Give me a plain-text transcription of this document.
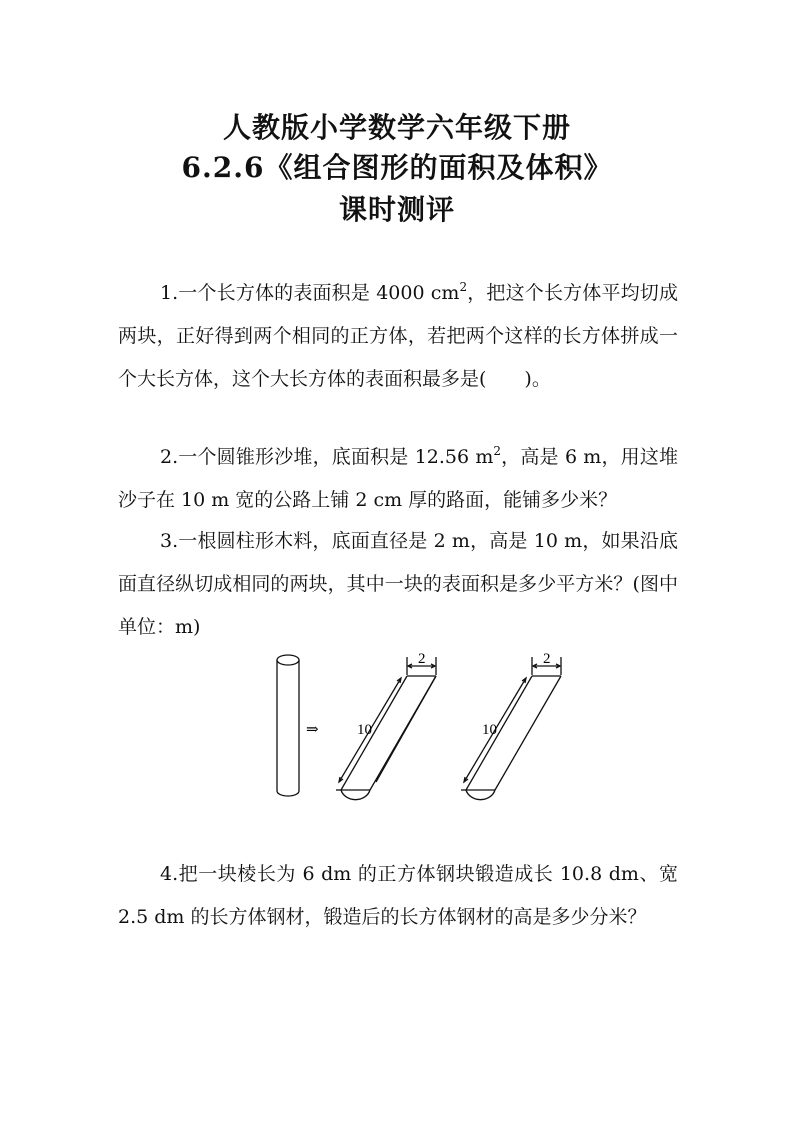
人教版小学数学六年级下册
6.2.6《组合图形的面积及体积》
课时测评
1.一个长方体的表面积是 4000 $cm^2$，把这个长方体平均切成两块，正好得到两个相同的正方体，若把两个这样的长方体拼成一个大长方体，这个大长方体的表面积最多是(　　)。
2.一个圆锥形沙堆，底面积是 12.56 $m^2$，高是 6 m，用这堆沙子在 10 m 宽的公路上铺 2 cm 厚的路面，能铺多少米？
3.一根圆柱形木料，底面直径是 2 m，高是 10 m，如果沿底面直径纵切成相同的两块，其中一块的表面积是多少平方米？(图中单位：m)
⇒
2
10
2
10
4.把一块棱长为 6 dm 的正方体钢块锻造成长 10.8 dm、宽 2.5 dm 的长方体钢材，锻造后的长方体钢材的高是多少分米？
